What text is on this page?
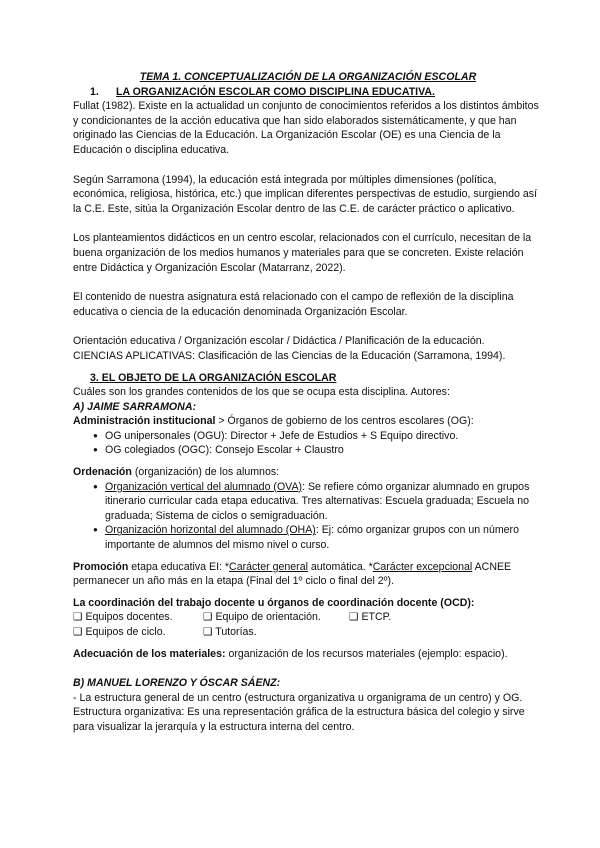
TEMA 1. CONCEPTUALIZACIÓN DE LA ORGANIZACIÓN ESCOLAR
1. LA ORGANIZACIÓN ESCOLAR COMO DISCIPLINA EDUCATIVA.

Fullat (1982). Existe en la actualidad un conjunto de conocimientos referidos a los distintos ámbitos y condicionantes de la acción educativa que han sido elaborados sistemáticamente, y que han originado las Ciencias de la Educación. La Organización Escolar (OE) es una Ciencia de la Educación o disciplina educativa.

Según Sarramona (1994), la educación está integrada por múltiples dimensiones (política, económica, religiosa, histórica, etc.) que implican diferentes perspectivas de estudio, surgiendo así la C.E. Este, sitúa la Organización Escolar dentro de las C.E. de carácter práctico o aplicativo.

Los planteamientos didácticos en un centro escolar, relacionados con el currículo, necesitan de la buena organización de los medios humanos y materiales para que se concreten. Existe relación entre Didáctica y Organización Escolar (Matarranz, 2022).

El contenido de nuestra asignatura está relacionado con el campo de reflexión de la disciplina educativa o ciencia de la educación denominada Organización Escolar.

Orientación educativa / Organización escolar / Didáctica / Planificación de la educación.

CIENCIAS APLICATIVAS: Clasificación de las Ciencias de la Educación (Sarramona, 1994).

3. EL OBJETO DE LA ORGANIZACIÓN ESCOLAR

Cuáles son los grandes contenidos de los que se ocupa esta disciplina. Autores:

A) JAIME SARRAMONA:

Administración institucional > Órganos de gobierno de los centros escolares (OG):

● OG unipersonales (OGU): Director + Jefe de Estudios + S Equipo directivo.
● OG colegiados (OGC): Consejo Escolar + Claustro

Ordenación (organización) de los alumnos:

● Organización vertical del alumnado (OVA): Se refiere cómo organizar alumnado en grupos itinerario curricular cada etapa educativa. Tres alternativas: Escuela graduada; Escuela no graduada; Sistema de ciclos o semigraduación.
● Organización horizontal del alumnado (OHA): Ej: cómo organizar grupos con un número importante de alumnos del mismo nivel o curso.

Promoción etapa educativa EI: *Carácter general automática. *Carácter excepcional ACNEE permanecer un año más en la etapa (Final del 1º ciclo o final del 2º).

La coordinación del trabajo docente u órganos de coordinación docente (OCD):

❑ Equipos docentes.	❑ Equipo de orientación.	❑ ETCP.
❑ Equipos de ciclo.	❑ Tutorías.

Adecuación de los materiales: organización de los recursos materiales (ejemplo: espacio).

B) MANUEL LORENZO Y ÓSCAR SÁENZ:

- La estructura general de un centro (estructura organizativa u organigrama de un centro) y OG. Estructura organizativa: Es una representación gráfica de la estructura básica del colegio y sirve para visualizar la jerarquía y la estructura interna del centro.
